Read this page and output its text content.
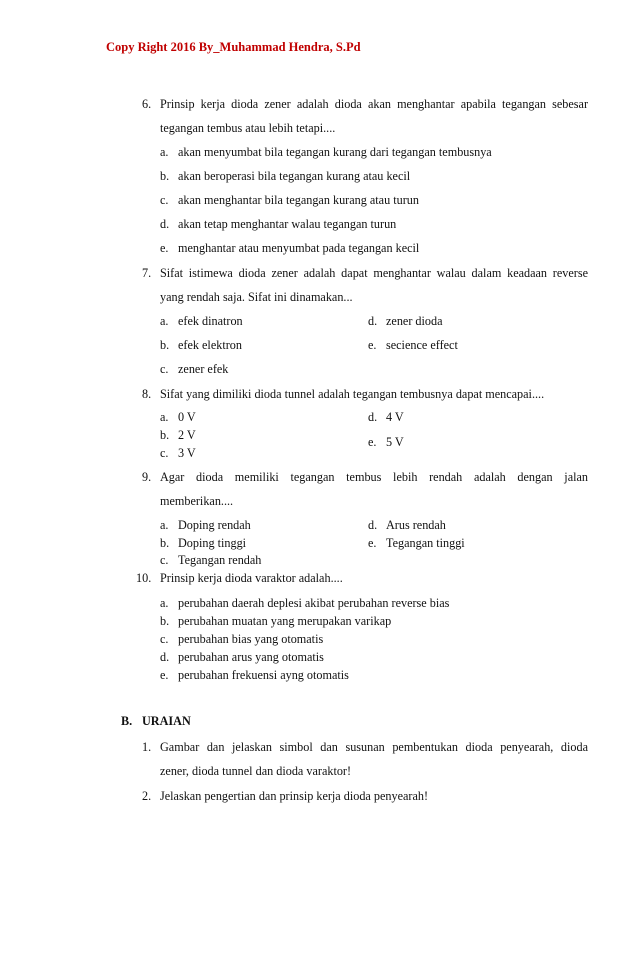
Copy Right 2016 By_Muhammad Hendra, S.Pd
6. Prinsip kerja dioda zener adalah dioda akan menghantar apabila tegangan sebesar
tegangan tembus atau lebih tetapi....
a. akan menyumbat bila tegangan kurang dari tegangan tembusnya
b. akan beroperasi bila tegangan kurang atau kecil
c. akan menghantar bila tegangan kurang atau turun
d. akan tetap menghantar walau tegangan turun
e. menghantar atau menyumbat pada tegangan kecil
7. Sifat istimewa dioda zener adalah dapat menghantar walau dalam keadaan reverse
yang rendah saja. Sifat ini dinamakan...
a. efek dinatron	d. zener dioda
b. efek elektron	e. secience effect
c. zener efek
8. Sifat yang dimiliki dioda tunnel adalah tegangan tembusnya dapat mencapai....
a. 0 V
b. 2 V
c. 3 V
d. 4 V
e. 5 V
9. Agar dioda memiliki tegangan tembus lebih rendah adalah dengan jalan
memberikan....
a. Doping rendah
b. Doping tinggi
c. Tegangan rendah
d. Arus rendah
e. Tegangan tinggi
10. Prinsip kerja dioda varaktor adalah....
a. perubahan daerah deplesi akibat perubahan reverse bias
b. perubahan muatan yang merupakan varikap
c. perubahan bias yang otomatis
d. perubahan arus yang otomatis
e. perubahan frekuensi ayng otomatis
B. URAIAN
1. Gambar dan jelaskan simbol dan susunan pembentukan dioda penyearah, dioda
zener, dioda tunnel dan dioda varaktor!
2. Jelaskan pengertian dan prinsip kerja dioda penyearah!
